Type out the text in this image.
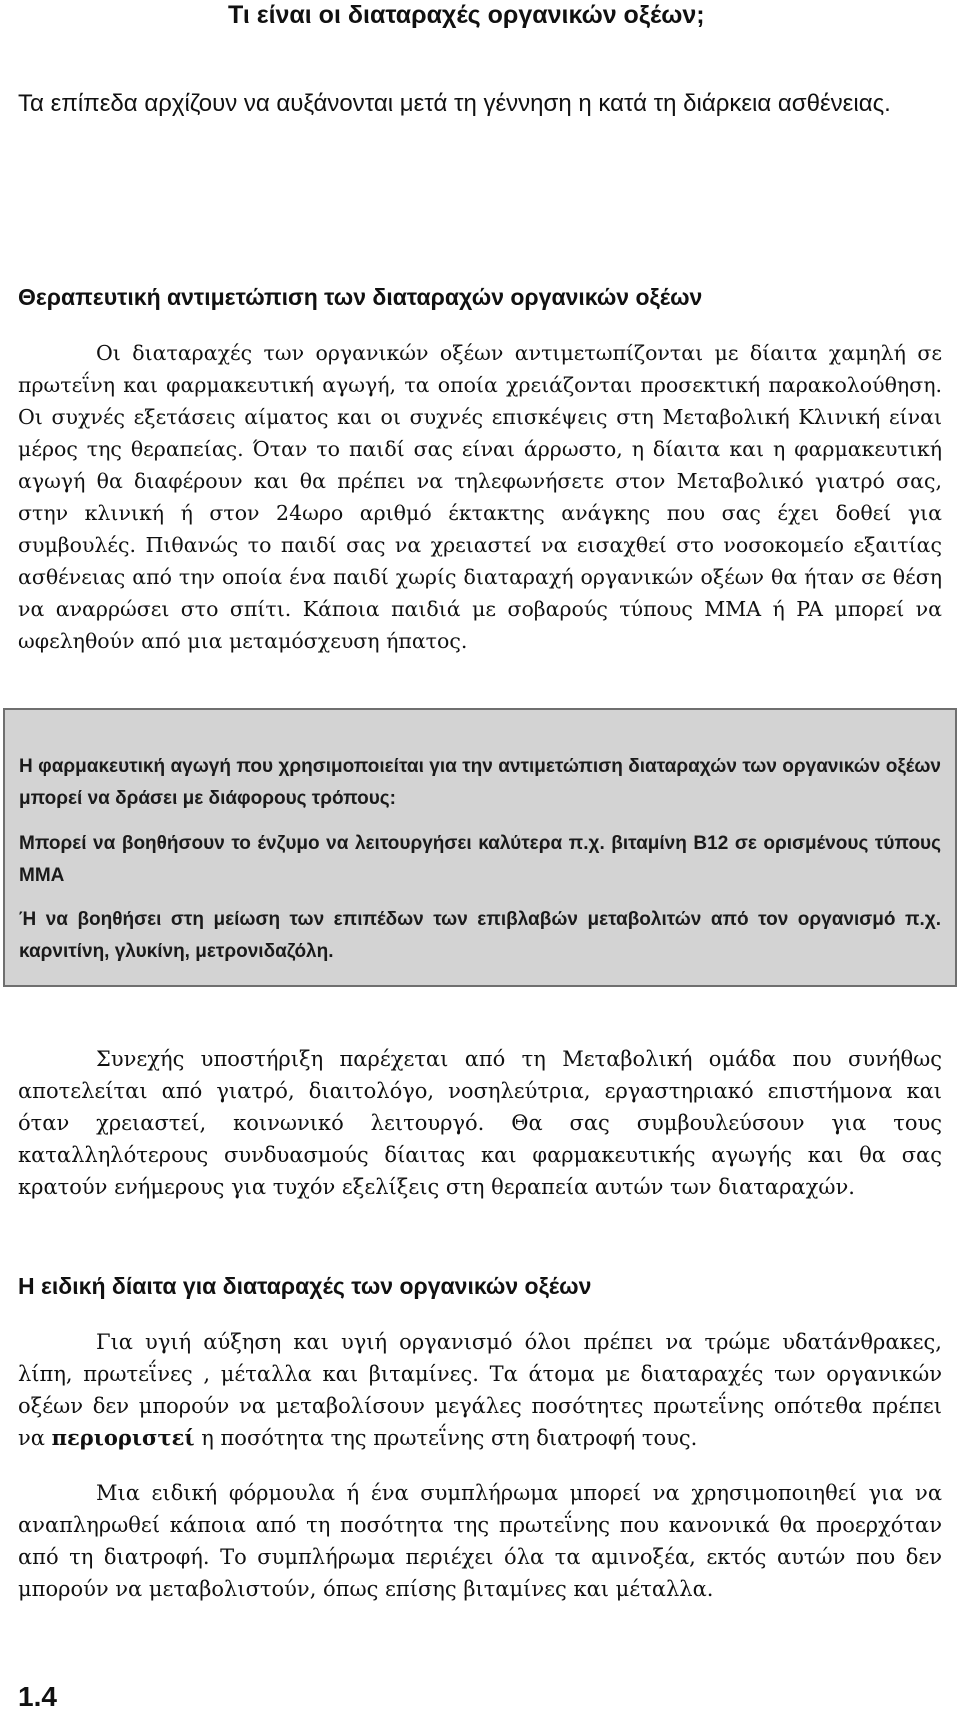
Τι είναι οι διαταραχές οργανικών οξέων;

Τα επίπεδα αρχίζουν να αυξάνονται μετά τη γέννηση η κατά τη διάρκεια ασθένειας.

Θεραπευτική αντιμετώπιση των διαταραχών οργανικών οξέων

Οι διαταραχές των οργανικών οξέων αντιμετωπίζονται με δίαιτα χαμηλή σε πρωτεΐνη και φαρμακευτική αγωγή, τα οποία χρειάζονται προσεκτική παρακολούθηση. Οι συχνές εξετάσεις αίματος και οι συχνές επισκέψεις στη Μεταβολική Κλινική είναι μέρος της θεραπείας. Όταν το παιδί σας είναι άρρωστο, η δίαιτα και η φαρμακευτική αγωγή θα διαφέρουν και θα πρέπει να τηλεφωνήσετε στον Μεταβολικό γιατρό σας, στην κλινική ή στον 24ωρο αριθμό έκτακτης ανάγκης που σας έχει δοθεί για συμβουλές. Πιθανώς το παιδί σας να χρειαστεί να εισαχθεί στο νοσοκομείο εξαιτίας ασθένειας από την οποία ένα παιδί χωρίς διαταραχή οργανικών οξέων θα ήταν σε θέση να αναρρώσει στο σπίτι. Κάποια παιδιά με σοβαρούς τύπους ΜΜΑ ή PA μπορεί να ωφεληθούν από μια μεταμόσχευση ήπατος.

Η φαρμακευτική αγωγή που χρησιμοποιείται για την αντιμετώπιση διαταραχών των οργανικών οξέων μπορεί να δράσει με διάφορους τρόπους:

Μπορεί να βοηθήσουν το ένζυμο να λειτουργήσει καλύτερα π.χ. βιταμίνη Β12 σε ορισμένους τύπους ΜΜΑ

Ή να βοηθήσει στη μείωση των επιπέδων των επιβλαβών μεταβολιτών από τον οργανισμό π.χ. καρνιτίνη, γλυκίνη, μετρονιδαζόλη.

Συνεχής υποστήριξη παρέχεται από τη Μεταβολική ομάδα που συνήθως αποτελείται από γιατρό, διαιτολόγο, νοσηλεύτρια, εργαστηριακό επιστήμονα και όταν χρειαστεί, κοινωνικό λειτουργό. Θα σας συμβουλεύσουν για τους καταλληλότερους συνδυασμούς δίαιτας και φαρμακευτικής αγωγής και θα σας κρατούν ενήμερους για τυχόν εξελίξεις στη θεραπεία αυτών των διαταραχών.

Η ειδική δίαιτα για διαταραχές των οργανικών οξέων

Για υγιή αύξηση και υγιή οργανισμό όλοι πρέπει να τρώμε υδατάνθρακες, λίπη, πρωτεΐνες , μέταλλα και βιταμίνες. Τα άτομα με διαταραχές των οργανικών οξέων δεν μπορούν να μεταβολίσουν μεγάλες ποσότητες πρωτεΐνης οπότεθα πρέπει να περιοριστεί η ποσότητα της πρωτεΐνης στη διατροφή τους.

Μια ειδική φόρμουλα ή ένα συμπλήρωμα μπορεί να χρησιμοποιηθεί για να αναπληρωθεί κάποια από τη ποσότητα της πρωτεΐνης που κανονικά θα προερχόταν από τη διατροφή. Το συμπλήρωμα περιέχει όλα τα αμινοξέα, εκτός αυτών που δεν μπορούν να μεταβολιστούν, όπως επίσης βιταμίνες και μέταλλα.

1.4
